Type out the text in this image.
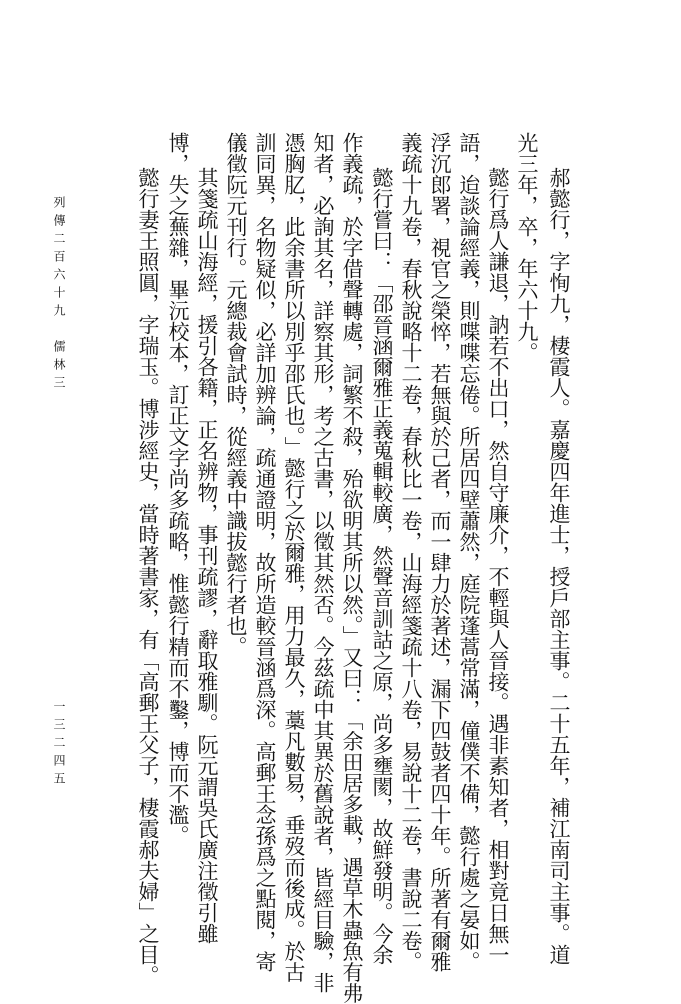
郝懿行，字恂九，棲霞人。嘉慶四年進士，授戶部主事。二十五年，補江南司主事。道
光三年，卒，年六十九。
懿行爲人謙退，訥若不出口，然自守廉介，不輕與人晉接。遇非素知者，相對竟日無一
語，迨談論經義，則喋喋忘倦。所居四壁蕭然，庭院蓬蒿常滿，僮僕不備，懿行處之晏如。
浮沉郎署，視官之榮悴，若無與於己者，而一肆力於著述，漏下四鼓者四十年。所著有爾雅
義疏十九卷，春秋說略十二卷，春秋比一卷，山海經箋疏十八卷，易說十二卷，書說二卷。
懿行嘗曰：「邵晉涵爾雅正義蒐輯較廣，然聲音訓詁之原，尚多壅閡，故鮮發明。今余
作義疏，於字借聲轉處，詞繁不殺，殆欲明其所以然。」又曰：「余田居多載，遇草木蟲魚有弗
知者，必詢其名，詳察其形，考之古書，以徵其然否。今茲疏中其異於舊說者，皆經目驗，非
憑胸肊，此余書所以別乎邵氏也。」懿行之於爾雅，用力最久，藁凡數易，垂歿而後成。於古
訓同異，名物疑似，必詳加辨論，疏通證明，故所造較晉涵爲深。高郵王念孫爲之點閱，寄
儀徵阮元刊行。元總裁會試時，從經義中識拔懿行者也。
其箋疏山海經，援引各籍，正名辨物，事刊疏謬，辭取雅馴。阮元謂吳氏廣注徵引雖
博，失之蕪雜，畢沅校本，訂正文字尚多疏略，惟懿行精而不鑿，博而不濫。
懿行妻王照圓，字瑞玉。博涉經史，當時著書家，有「高郵王父子，棲霞郝夫婦」之目。
列傳二百六十九　儒林三
一三二四五
